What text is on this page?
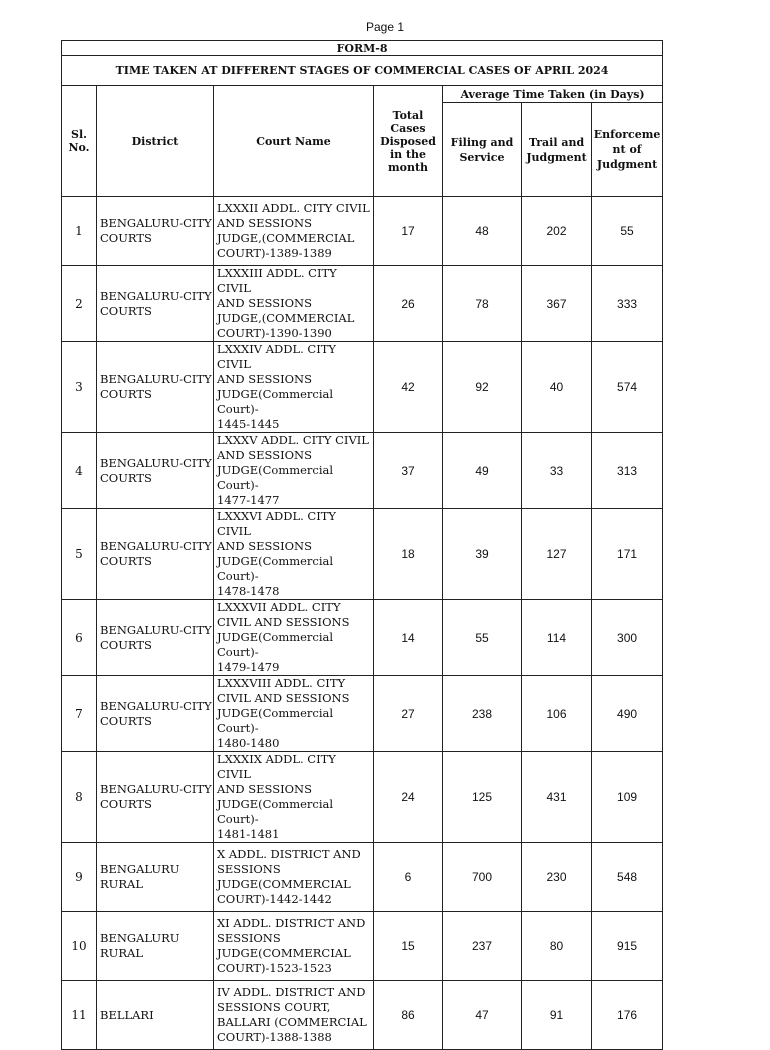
Page 1
FORM-8						
TIME TAKEN AT DIFFERENT STAGES OF COMMERCIAL CASES OF APRIL 2024						
Sl. No.	District	Court Name	Total Cases Disposed in the month	Average Time Taken (in Days)		
				Filing and Service	Trail and Judgment	Enforceme nt of Judgment
1	BENGALURU-CITY COURTS	LXXXII ADDL. CITY CIVIL
AND SESSIONS
JUDGE,(COMMERCIAL
COURT)-1389-1389	17	48	202	55
2	BENGALURU-CITY COURTS	LXXXIII ADDL. CITY CIVIL
AND SESSIONS
JUDGE,(COMMERCIAL
COURT)-1390-1390	26	78	367	333
3	BENGALURU-CITY COURTS	LXXXIV ADDL. CITY CIVIL
AND SESSIONS
JUDGE(Commercial Court)-
1445-1445	42	92	40	574
4	BENGALURU-CITY COURTS	LXXXV ADDL. CITY CIVIL
AND SESSIONS
JUDGE(Commercial Court)-
1477-1477	37	49	33	313
5	BENGALURU-CITY COURTS	LXXXVI ADDL. CITY CIVIL
AND SESSIONS
JUDGE(Commercial Court)-
1478-1478	18	39	127	171
6	BENGALURU-CITY COURTS	LXXXVII ADDL. CITY
CIVIL AND SESSIONS
JUDGE(Commercial Court)-
1479-1479	14	55	114	300
7	BENGALURU-CITY COURTS	LXXXVIII ADDL. CITY
CIVIL AND SESSIONS
JUDGE(Commercial Court)-
1480-1480	27	238	106	490
8	BENGALURU-CITY COURTS	LXXXIX ADDL. CITY CIVIL
AND SESSIONS
JUDGE(Commercial Court)-
1481-1481	24	125	431	109
9	BENGALURU RURAL	X ADDL. DISTRICT AND
SESSIONS
JUDGE(COMMERCIAL
COURT)-1442-1442	6	700	230	548
10	BENGALURU RURAL	XI ADDL. DISTRICT AND
SESSIONS
JUDGE(COMMERCIAL
COURT)-1523-1523	15	237	80	915
11	BELLARI	IV ADDL. DISTRICT AND
SESSIONS COURT,
BALLARI (COMMERCIAL
COURT)-1388-1388	86	47	91	176
